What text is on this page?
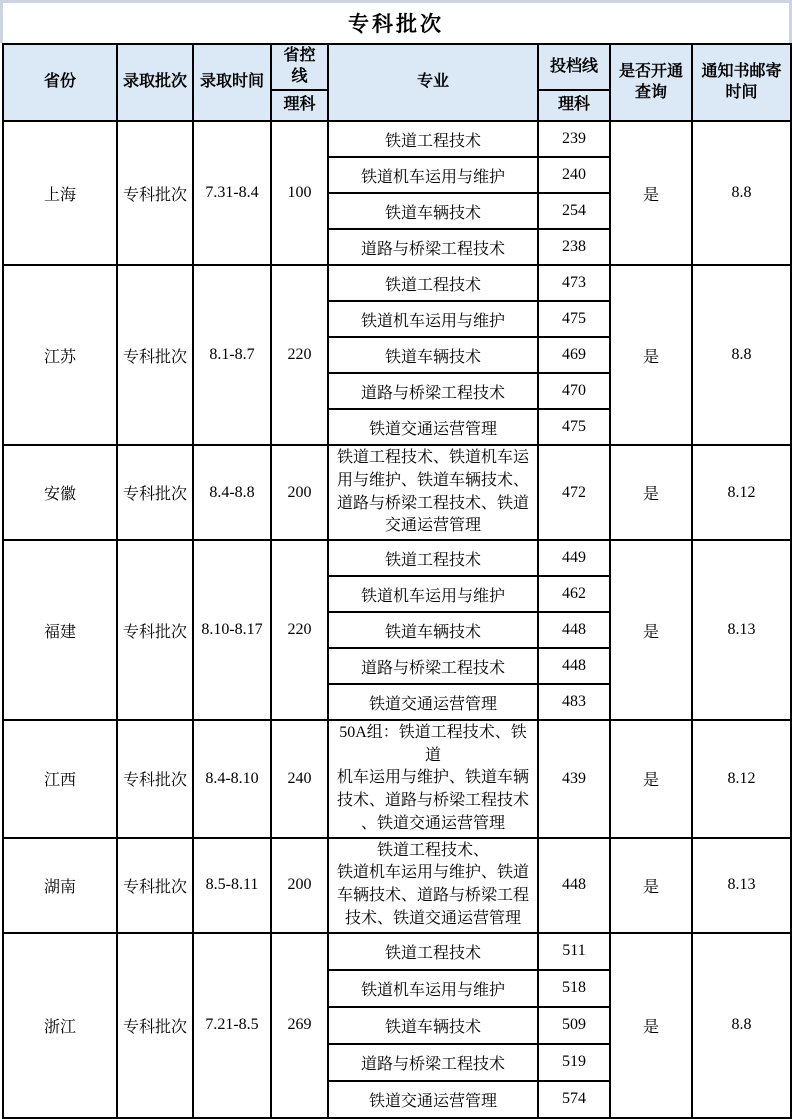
专科批次
省份	录取批次	录取时间	省控线	专业	投档线	是否开通查询	通知书邮寄时间
			理科		理科		
上海	专科批次	7.31-8.4	100	铁道工程技术	239	是	8.8
				铁道机车运用与维护	240		
				铁道车辆技术	254		
				道路与桥梁工程技术	238		
江苏	专科批次	8.1-8.7	220	铁道工程技术	473	是	8.8
				铁道机车运用与维护	475		
				铁道车辆技术	469		
				道路与桥梁工程技术	470		
				铁道交通运营管理	475		
安徽	专科批次	8.4-8.8	200	铁道工程技术、铁道机车运
用与维护、铁道车辆技术、
道路与桥梁工程技术、铁道
交通运营管理	472	是	8.12
福建	专科批次	8.10-8.17	220	铁道工程技术	449	是	8.13
				铁道机车运用与维护	462		
				铁道车辆技术	448		
				道路与桥梁工程技术	448		
				铁道交通运营管理	483		
江西	专科批次	8.4-8.10	240	50A组：铁道工程技术、铁道
机车运用与维护、铁道车辆
技术、道路与桥梁工程技术
、铁道交通运营管理	439	是	8.12
湖南	专科批次	8.5-8.11	200	铁道工程技术、
铁道机车运用与维护、铁道
车辆技术、道路与桥梁工程
技术、铁道交通运营管理	448	是	8.13
浙江	专科批次	7.21-8.5	269	铁道工程技术	511	是	8.8
				铁道机车运用与维护	518		
				铁道车辆技术	509		
				道路与桥梁工程技术	519		
				铁道交通运营管理	574		
